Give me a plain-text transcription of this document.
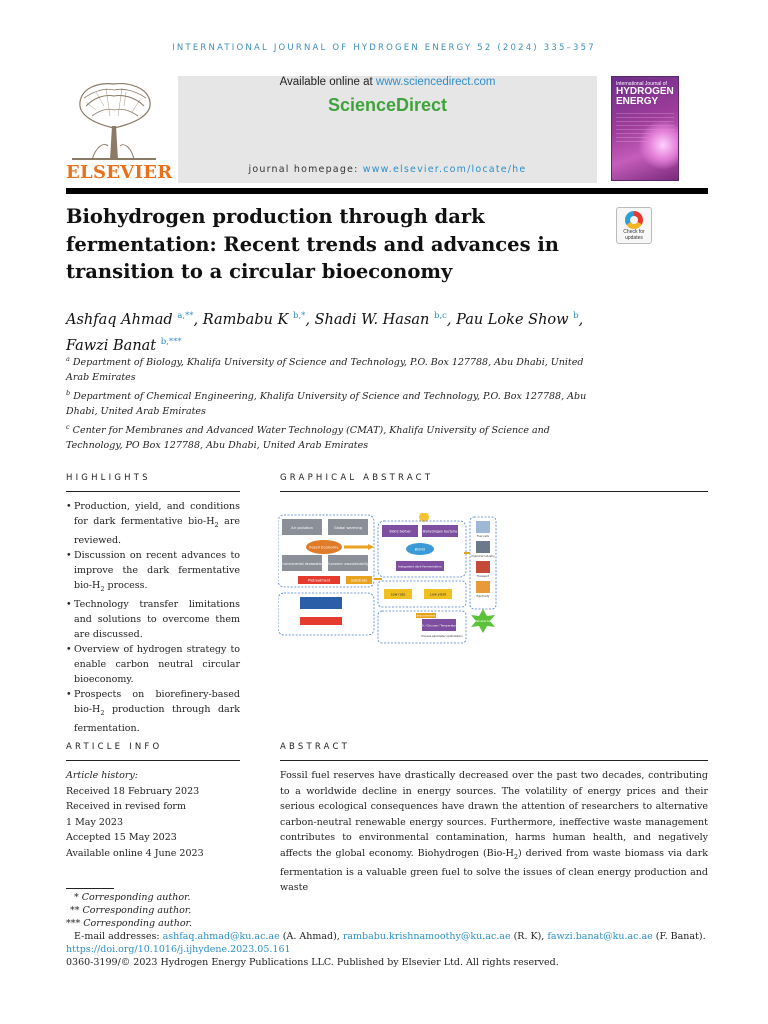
INTERNATIONAL JOURNAL OF HYDROGEN ENERGY 52 (2024) 335–357
ELSEVIER
Available online at www.sciencedirect.com
ScienceDirect
journal homepage: www.elsevier.com/locate/he
International Journal of
HYDROGEN
ENERGY
Biohydrogen production through dark fermentation: Recent trends and advances in transition to a circular bioeconomy
Check for
updates
Ashfaq Ahmad $^{a,**}$, Rambabu K $^{b,*}$, Shadi W. Hasan $^{b,c}$, Pau Loke Show $^b$,
Fawzi Banat $^{b,***}$

$^a$ Department of Biology, Khalifa University of Science and Technology, P.O. Box 127788, Abu Dhabi, United Arab Emirates

$^b$ Department of Chemical Engineering, Khalifa University of Science and Technology, P.O. Box 127788, Abu Dhabi, United Arab Emirates

$^c$ Center for Membranes and Advanced Water Technology (CMAT), Khalifa University of Science and Technology, PO Box 127788, Abu Dhabi, United Arab Emirates

HIGHLIGHTS	GRAPHICAL ABSTRACT
• Production, yield, and conditions for dark fermentative bio-$H_2$ are reviewed.
• Discussion on recent advances to improve the dark fermentative bio-$H_2$ process.
• Technology transfer limitations and solutions to overcome them are discussed.
• Overview of hydrogen strategy to enable carbon neutral circular bioeconomy.
• Prospects on biorefinery-based bio-$H_2$ production through dark fermentation.
Air pollution	Global warming
Fossil Economy
Environmental devastation Economic unsustainability
Pretreatment	Substrate
Bioh2 biofuel	Biohydrogen bacteria
BioH2
Integrated dark fermentation
Low rate	Low yield
Improvement
pH / Glucose / Temperature
Process parameter optimization
Fuel cells
Chemical industry
Transport
Electricity
Sustainable future
ARTICLE INFO	ABSTRACT
Article history:
Received 18 February 2023
Received in revised form
1 May 2023
Accepted 15 May 2023
Available online 4 June 2023
Fossil fuel reserves have drastically decreased over the past two decades, contributing to a worldwide decline in energy sources. The volatility of energy prices and their serious ecological consequences have drawn the attention of researchers to alternative carbon-neutral renewable energy sources. Furthermore, ineffective waste management contributes to environmental contamination, harms human health, and negatively affects the global economy. Biohydrogen $(Bio-H_2)$ derived from waste biomass via dark fermentation is a valuable green fuel to solve the issues of clean energy production and waste
* Corresponding author.
** Corresponding author.
*** Corresponding author.
E-mail addresses: ashfaq.ahmad@ku.ac.ae (A. Ahmad), rambabu.krishnamoothy@ku.ac.ae (R. K), fawzi.banat@ku.ac.ae (F. Banat).
https://doi.org/10.1016/j.ijhydene.2023.05.161
0360-3199/© 2023 Hydrogen Energy Publications LLC. Published by Elsevier Ltd. All rights reserved.
